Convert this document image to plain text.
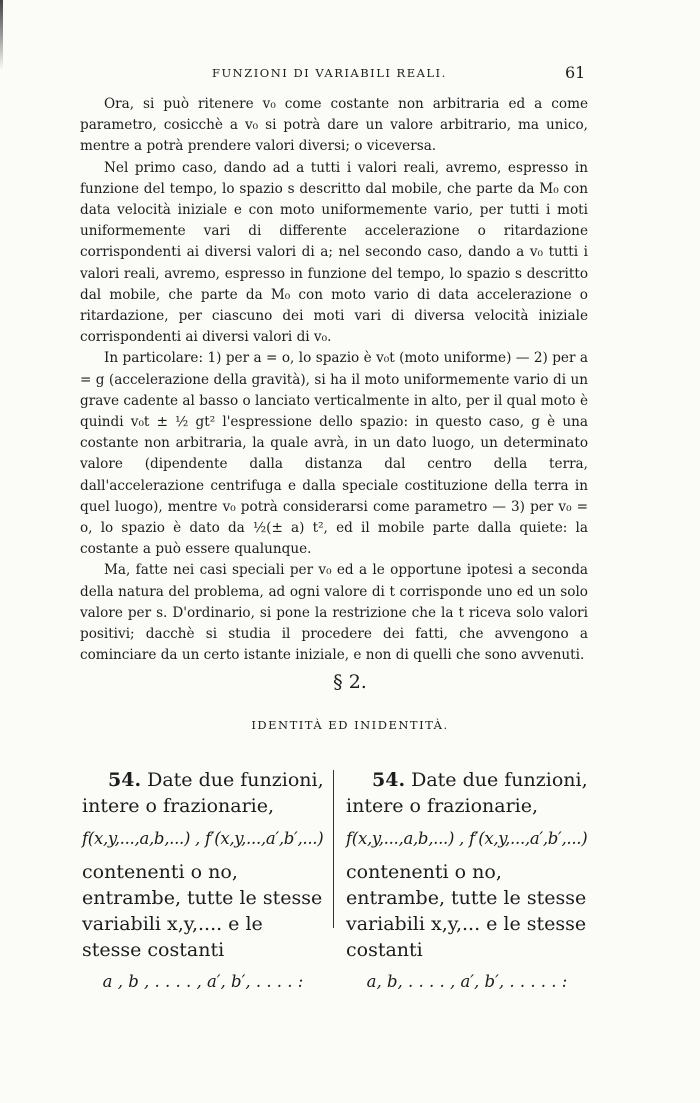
FUNZIONI DI VARIABILI REALI.	61

Ora, si può ritenere v₀ come costante non arbitraria ed a come parametro, cosicchè a v₀ si potrà dare un valore arbitrario, ma unico, mentre a potrà prendere valori diversi; o viceversa.

Nel primo caso, dando ad a tutti i valori reali, avremo, espresso in funzione del tempo, lo spazio s descritto dal mobile, che parte da M₀ con data velocità iniziale e con moto uniformemente vario, per tutti i moti uniformemente vari di differente accelerazione o ritardazione corrispondenti ai diversi valori di a; nel secondo caso, dando a v₀ tutti i valori reali, avremo, espresso in funzione del tempo, lo spazio s descritto dal mobile, che parte da M₀ con moto vario di data accelerazione o ritardazione, per ciascuno dei moti vari di diversa velocità iniziale corrispondenti ai diversi valori di v₀.

In particolare: 1) per a = o, lo spazio è v₀t (moto uniforme) — 2) per a = g (accelerazione della gravità), si ha il moto uniformemente vario di un grave cadente al basso o lanciato verticalmente in alto, per il qual moto è quindi v₀t ± ½ gt² l'espressione dello spazio: in questo caso, g è una costante non arbitraria, la quale avrà, in un dato luogo, un determinato valore (dipendente dalla distanza dal centro della terra, dall'accelerazione centrifuga e dalla speciale costituzione della terra in quel luogo), mentre v₀ potrà considerarsi come parametro — 3) per v₀ = o, lo spazio è dato da ½(± a) t², ed il mobile parte dalla quiete: la costante a può essere qualunque.

Ma, fatte nei casi speciali per v₀ ed a le opportune ipotesi a seconda della natura del problema, ad ogni valore di t corrisponde uno ed un solo valore per s. D'ordinario, si pone la restrizione che la t riceva solo valori positivi; dacchè si studia il procedere dei fatti, che avvengono a cominciare da un certo istante iniziale, e non di quelli che sono avvenuti.

§ 2.
IDENTITÀ ED INIDENTITÀ.

54. Date due funzioni, intere o frazionarie,

f(x,y,...,a,b,...) , f′(x,y,...,a′,b′,...)

contenenti o no, entrambe, tutte le stesse variabili x,y,.... e le stesse costanti

a , b , . . . . , a′, b′, . . . . :

54. Date due funzioni, intere o frazionarie,

f(x,y,...,a,b,...) , f′(x,y,...,a′,b′,...)

contenenti o no, entrambe, tutte le stesse variabili x,y,... e le stesse costanti

a, b, . . . . , a′, b′, . . . . . :
